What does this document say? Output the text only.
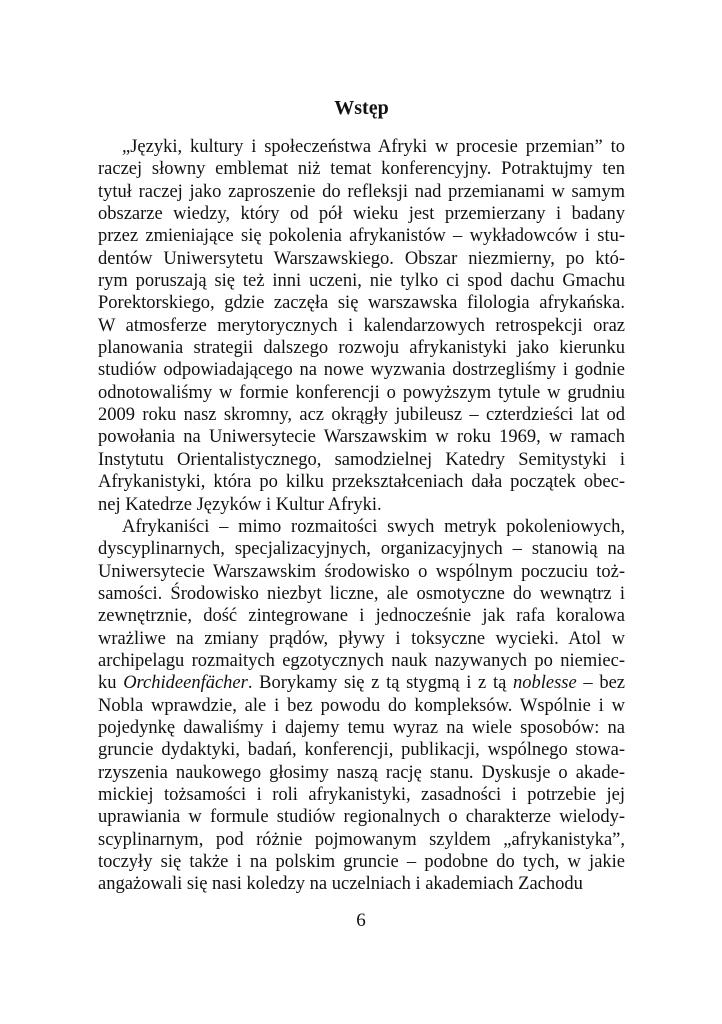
Wstęp

„Języki, kultury i społeczeństwa Afryki w procesie przemian” to
raczej słowny emblemat niż temat konferencyjny. Potraktujmy ten
tytuł raczej jako zaproszenie do refleksji nad przemianami w samym
obszarze wiedzy, który od pół wieku jest przemierzany i badany
przez zmieniające się pokolenia afrykanistów – wykładowców i stu-
dentów Uniwersytetu Warszawskiego. Obszar niezmierny, po któ-
rym poruszają się też inni uczeni, nie tylko ci spod dachu Gmachu
Porektorskiego, gdzie zaczęła się warszawska filologia afrykańska.
W atmosferze merytorycznych i kalendarzowych retrospekcji oraz
planowania strategii dalszego rozwoju afrykanistyki jako kierunku
studiów odpowiadającego na nowe wyzwania dostrzegliśmy i godnie
odnotowaliśmy w formie konferencji o powyższym tytule w grudniu
2009 roku nasz skromny, acz okrągły jubileusz – czterdzieści lat od
powołania na Uniwersytecie Warszawskim w roku 1969, w ramach
Instytutu Orientalistycznego, samodzielnej Katedry Semitystyki i
Afrykanistyki, która po kilku przekształceniach dała początek obec-
nej Katedrze Języków i Kultur Afryki.

Afrykaniści – mimo rozmaitości swych metryk pokoleniowych,
dyscyplinarnych, specjalizacyjnych, organizacyjnych – stanowią na
Uniwersytecie Warszawskim środowisko o wspólnym poczuciu toż-
samości. Środowisko niezbyt liczne, ale osmotyczne do wewnątrz i
zewnętrznie, dość zintegrowane i jednocześnie jak rafa koralowa
wrażliwe na zmiany prądów, pływy i toksyczne wycieki. Atol w
archipelagu rozmaitych egzotycznych nauk nazywanych po niemiec-
ku Orchideenfächer. Borykamy się z tą stygmą i z tą noblesse – bez
Nobla wprawdzie, ale i bez powodu do kompleksów. Wspólnie i w
pojedynkę dawaliśmy i dajemy temu wyraz na wiele sposobów: na
gruncie dydaktyki, badań, konferencji, publikacji, wspólnego stowa-
rzyszenia naukowego głosimy naszą rację stanu. Dyskusje o akade-
mickiej tożsamości i roli afrykanistyki, zasadności i potrzebie jej
uprawiania w formule studiów regionalnych o charakterze wielody-
scyplinarnym, pod różnie pojmowanym szyldem „afrykanistyka”,
toczyły się także i na polskim gruncie – podobne do tych, w jakie
angażowali się nasi koledzy na uczelniach i akademiach Zachodu

6
